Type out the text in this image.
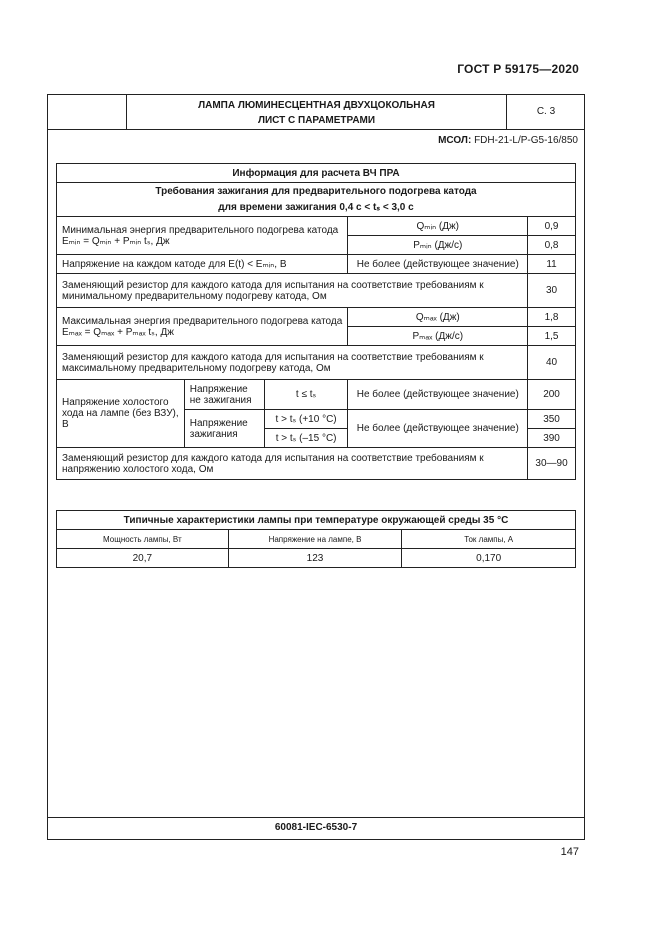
ГОСТ Р 59175—2020
ЛАМПА ЛЮМИНЕСЦЕНТНАЯ ДВУХЦОКОЛЬНАЯ
ЛИСТ С ПАРАМЕТРАМИ
С. 3
МСОЛ: FDH-21-L/P-G5-16/850
Информация для расчета ВЧ ПРА				

Требования зажигания для предварительного подогрева катода
для времени зажигания 0,4 с < tₛ < 3,0 с				

Минимальная энергия предварительного подогрева катода Eₘᵢₙ = Qₘᵢₙ + Pₘᵢₙ tₛ, Дж			Qₘᵢₙ (Дж)	0,9
			Pₘᵢₙ (Дж/с)	0,8
Напряжение на каждом катоде для E(t) < Eₘᵢₙ, В			Не более (действующее значение)	11
Заменяющий резистор для каждого катода для испытания на соответствие требованиям к минимальному предварительному подогреву катода, Ом				30
Максимальная энергия предварительного подогрева катода Eₘₐₓ = Qₘₐₓ + Pₘₐₓ tₛ, Дж			Qₘₐₓ (Дж)	1,8
			Pₘₐₓ (Дж/с)	1,5
Заменяющий резистор для каждого катода для испытания на соответствие требованиям к максимальному предварительному подогреву катода, Ом				40
Напряжение холостого хода на лампе (без ВЗУ), В	Напряжение не зажигания	t ≤ tₛ	Не более (действующее значение)	200
	Напряжение зажигания	t > tₛ (+10 °C)	Не более (действующее значение)	350
		t > tₛ (–15 °C)		390
Заменяющий резистор для каждого катода для испытания на соответствие требованиям к напряжению холостого хода, Ом				30—90
Типичные характеристики лампы при температуре окружающей среды 35 °С		
Мощность лампы, Вт	Напряжение на лампе, В	Ток лампы, А
20,7	123	0,170
60081-IEC-6530-7
147
